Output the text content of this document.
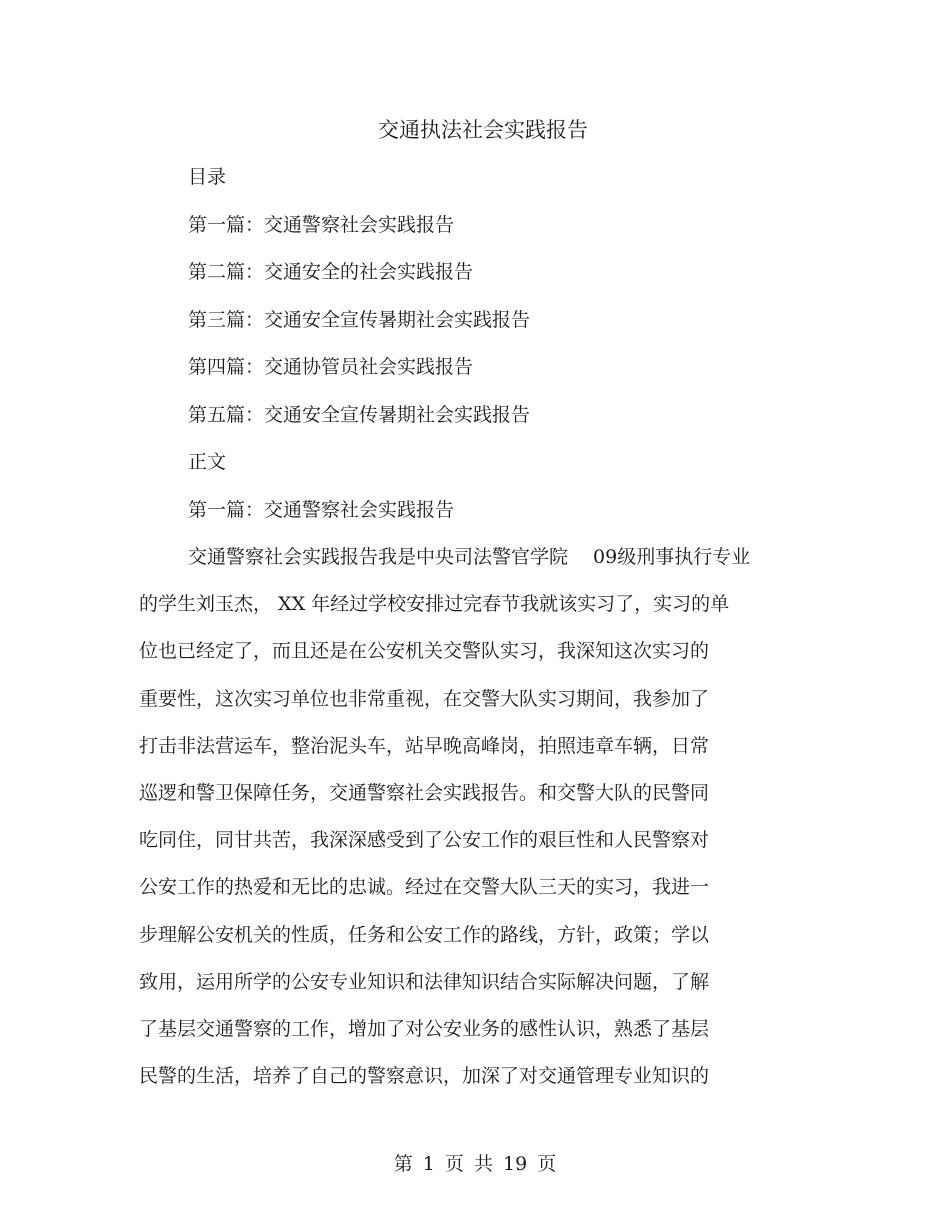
交通执法社会实践报告
目录
第一篇：交通警察社会实践报告
第二篇：交通安全的社会实践报告
第三篇：交通安全宣传暑期社会实践报告
第四篇：交通协管员社会实践报告
第五篇：交通安全宣传暑期社会实践报告
正文
第一篇：交通警察社会实践报告
交通警察社会实践报告我是中央司法警官学院 　09级刑事执行专业
的学生刘玉杰， XX 年经过学校安排过完春节我就该实习了，实习的单
位也已经定了，而且还是在公安机关交警队实习，我深知这次实习的
重要性，这次实习单位也非常重视，在交警大队实习期间，我参加了
打击非法营运车，整治泥头车，站早晚高峰岗，拍照违章车辆，日常
巡逻和警卫保障任务，交通警察社会实践报告。和交警大队的民警同
吃同住，同甘共苦，我深深感受到了公安工作的艰巨性和人民警察对
公安工作的热爱和无比的忠诚。经过在交警大队三天的实习，我进一
步理解公安机关的性质，任务和公安工作的路线，方针，政策；学以
致用，运用所学的公安专业知识和法律知识结合实际解决问题，了解
了基层交通警察的工作，增加了对公安业务的感性认识，熟悉了基层
民警的生活，培养了自己的警察意识，加深了对交通管理专业知识的
第 1 页 共 19 页
